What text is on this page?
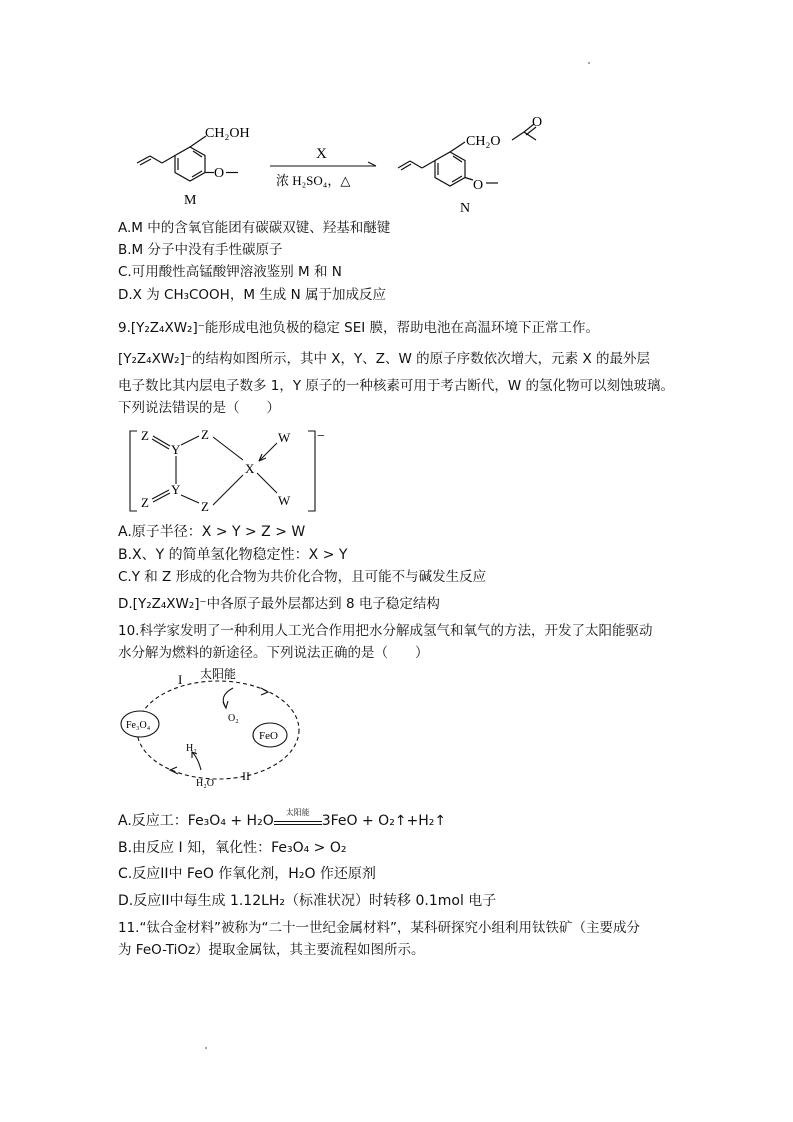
CH₂OH
O
M
X
浓 H₂SO₄，△
CH₂O
O
O
N
A.M 中的含氧官能团有碳碳双键、羟基和醚键
B.M 分子中没有手性碳原子
C.可用酸性高锰酸钾溶液鉴别 M 和 N
D.X 为 CH₃COOH，M 生成 N 属于加成反应
9.[Y₂Z₄XW₂]⁻能形成电池负极的稳定 SEI 膜，帮助电池在高温环境下正常工作。
[Y₂Z₄XW₂]⁻的结构如图所示，其中 X，Y、Z、W 的原子序数依次增大，元素 X 的最外层
电子数比其内层电子数多 1，Y 原子的一种核素可用于考古断代，W 的氢化物可以刻蚀玻璃。
下列说法错误的是（　　）
Z
Y
Z
Z
Y
Z
X
W
W
−
A.原子半径：X > Y > Z > W
B.X、Y 的简单氢化物稳定性：X > Y
C.Y 和 Z 形成的化合物为共价化合物，且可能不与碱发生反应
D.[Y₂Z₄XW₂]⁻中各原子最外层都达到 8 电子稳定结构
10.科学家发明了一种利用人工光合作用把水分解成氢气和氧气的方法，开发了太阳能驱动
水分解为燃料的新途径。下列说法正确的是（　　）
I 太阳能
O₂
Fe₃O₄
FeO
H₂
H₂O
II
A.反应工：Fe₃O₄ + H₂O
太阳能
3FeO + O₂↑+H₂↑
B.由反应 I 知，氧化性：Fe₃O₄ > O₂
C.反应II中 FeO 作氧化剂，H₂O 作还原剂
D.反应II中每生成 1.12LH₂（标准状况）时转移 0.1mol 电子
11.“钛合金材料”被称为“二十一世纪金属材料”，某科研探究小组利用钛铁矿（主要成分
为 FeO-TiOz）提取金属钛，其主要流程如图所示。
